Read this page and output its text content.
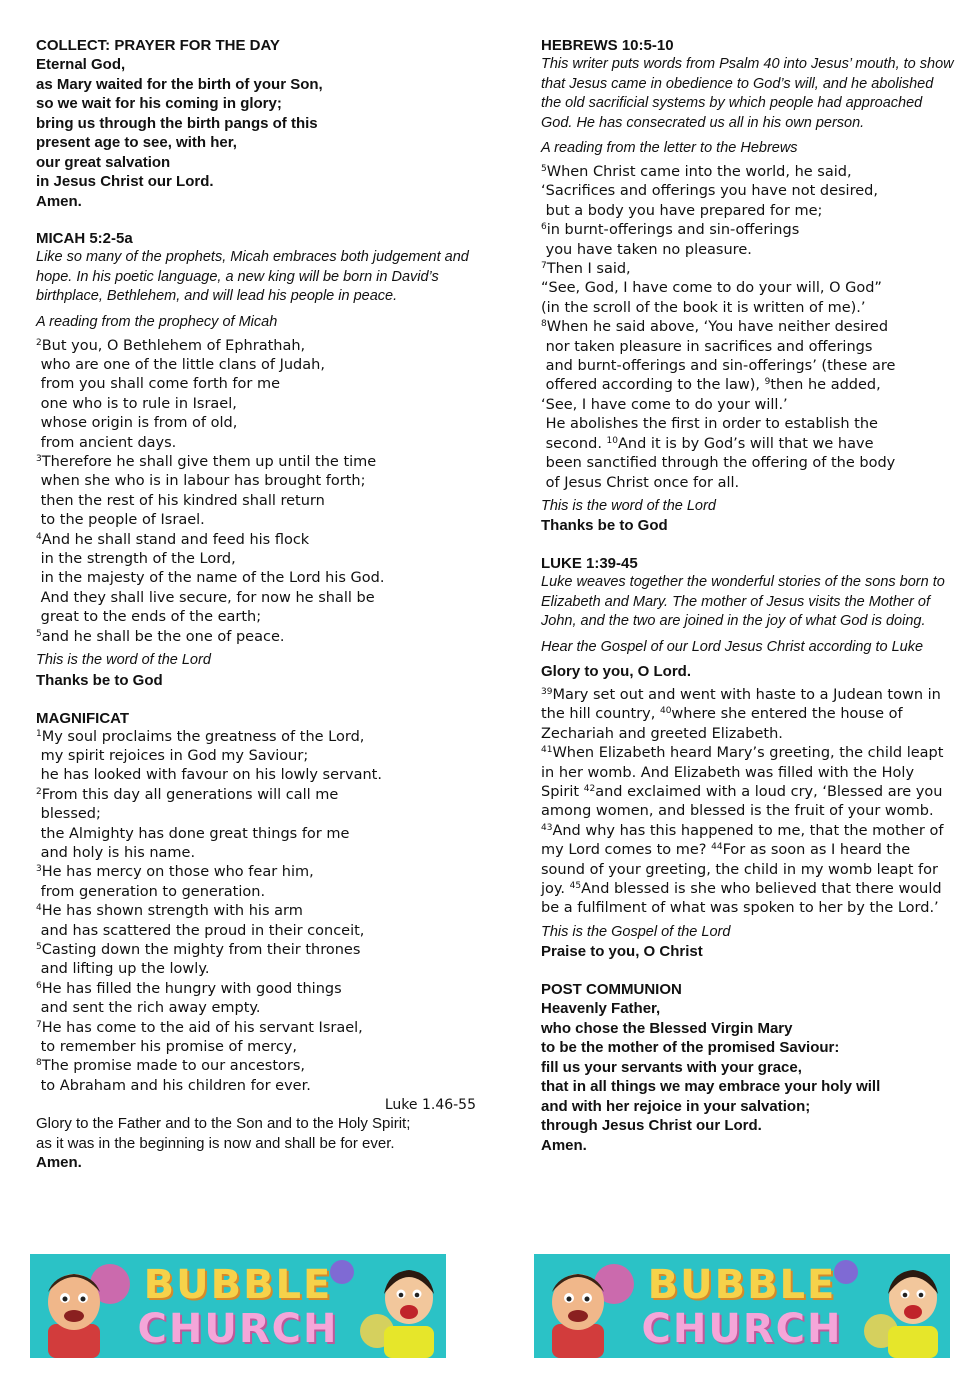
COLLECT: PRAYER FOR THE DAY
Eternal God,
as Mary waited for the birth of your Son,
so we wait for his coming in glory;
bring us through the birth pangs of this
present age to see, with her,
our great salvation
in Jesus Christ our Lord.
Amen.
MICAH 5:2-5a
Like so many of the prophets, Micah embraces both judgement and hope. In his poetic language, a new king will be born in David’s birthplace, Bethlehem, and will lead his people in peace.
A reading from the prophecy of Micah
$^2$But you, O Bethlehem of Ephrathah,
who are one of the little clans of Judah,
from you shall come forth for me
one who is to rule in Israel,
whose origin is from of old,
from ancient days.
$^3$Therefore he shall give them up until the time
when she who is in labour has brought forth;
then the rest of his kindred shall return
to the people of Israel.
$^4$And he shall stand and feed his flock
in the strength of the Lord,
in the majesty of the name of the Lord his God.
And they shall live secure, for now he shall be
great to the ends of the earth;
$^5$and he shall be the one of peace.
This is the word of the Lord
Thanks be to God
MAGNIFICAT
$^1$My soul proclaims the greatness of the Lord,
my spirit rejoices in God my Saviour;
he has looked with favour on his lowly servant.
$^2$From this day all generations will call me
blessed;
the Almighty has done great things for me
and holy is his name.
$^3$He has mercy on those who fear him,
from generation to generation.
$^4$He has shown strength with his arm
and has scattered the proud in their conceit,
$^5$Casting down the mighty from their thrones
and lifting up the lowly.
$^6$He has filled the hungry with good things
and sent the rich away empty.
$^7$He has come to the aid of his servant Israel,
to remember his promise of mercy,
$^8$The promise made to our ancestors,
to Abraham and his children for ever.
Luke 1.46-55
Glory to the Father and to the Son and to the Holy Spirit;
as it was in the beginning is now and shall be for ever.
Amen.
HEBREWS 10:5-10
This writer puts words from Psalm 40 into Jesus’ mouth, to show that Jesus came in obedience to God’s will, and he abolished the old sacrificial systems by which people had approached God. He has consecrated us all in his own person.
A reading from the letter to the Hebrews
$^5$When Christ came into the world, he said,
‘Sacrifices and offerings you have not desired,
but a body you have prepared for me;
$^6$in burnt-offerings and sin-offerings
you have taken no pleasure.
$^7$Then I said,
“See, God, I have come to do your will, O God”
(in the scroll of the book it is written of me).’
$^8$When he said above, ‘You have neither desired
nor taken pleasure in sacrifices and offerings
and burnt-offerings and sin-offerings’ (these are
offered according to the law), $^9$then he added,
‘See, I have come to do your will.’
He abolishes the first in order to establish the
second. $^{10}$And it is by God’s will that we have
been sanctified through the offering of the body
of Jesus Christ once for all.
This is the word of the Lord
Thanks be to God
LUKE 1:39-45
Luke weaves together the wonderful stories of the sons born to Elizabeth and Mary. The mother of Jesus visits the Mother of John, and the two are joined in the joy of what God is doing.
Hear the Gospel of our Lord Jesus Christ according to Luke
Glory to you, O Lord.
$^{39}$Mary set out and went with haste to a Judean town in the hill country, $^{40}$where she entered the house of Zechariah and greeted Elizabeth.
$^{41}$When Elizabeth heard Mary’s greeting, the child leapt in her womb. And Elizabeth was filled with the Holy Spirit $^{42}$and exclaimed with a loud cry, ‘Blessed are you among women, and blessed is the fruit of your womb. $^{43}$And why has this happened to me, that the mother of my Lord comes to me? $^{44}$For as soon as I heard the sound of your greeting, the child in my womb leapt for joy. $^{45}$And blessed is she who believed that there would be a fulfilment of what was spoken to her by the Lord.’
This is the Gospel of the Lord
Praise to you, O Christ
POST COMMUNION
Heavenly Father,
who chose the Blessed Virgin Mary
to be the mother of the promised Saviour:
fill us your servants with your grace,
that in all things we may embrace your holy will
and with her rejoice in your salvation;
through Jesus Christ our Lord.
Amen.
BUBBLE
CHURCH
BUBBLE
CHURCH
